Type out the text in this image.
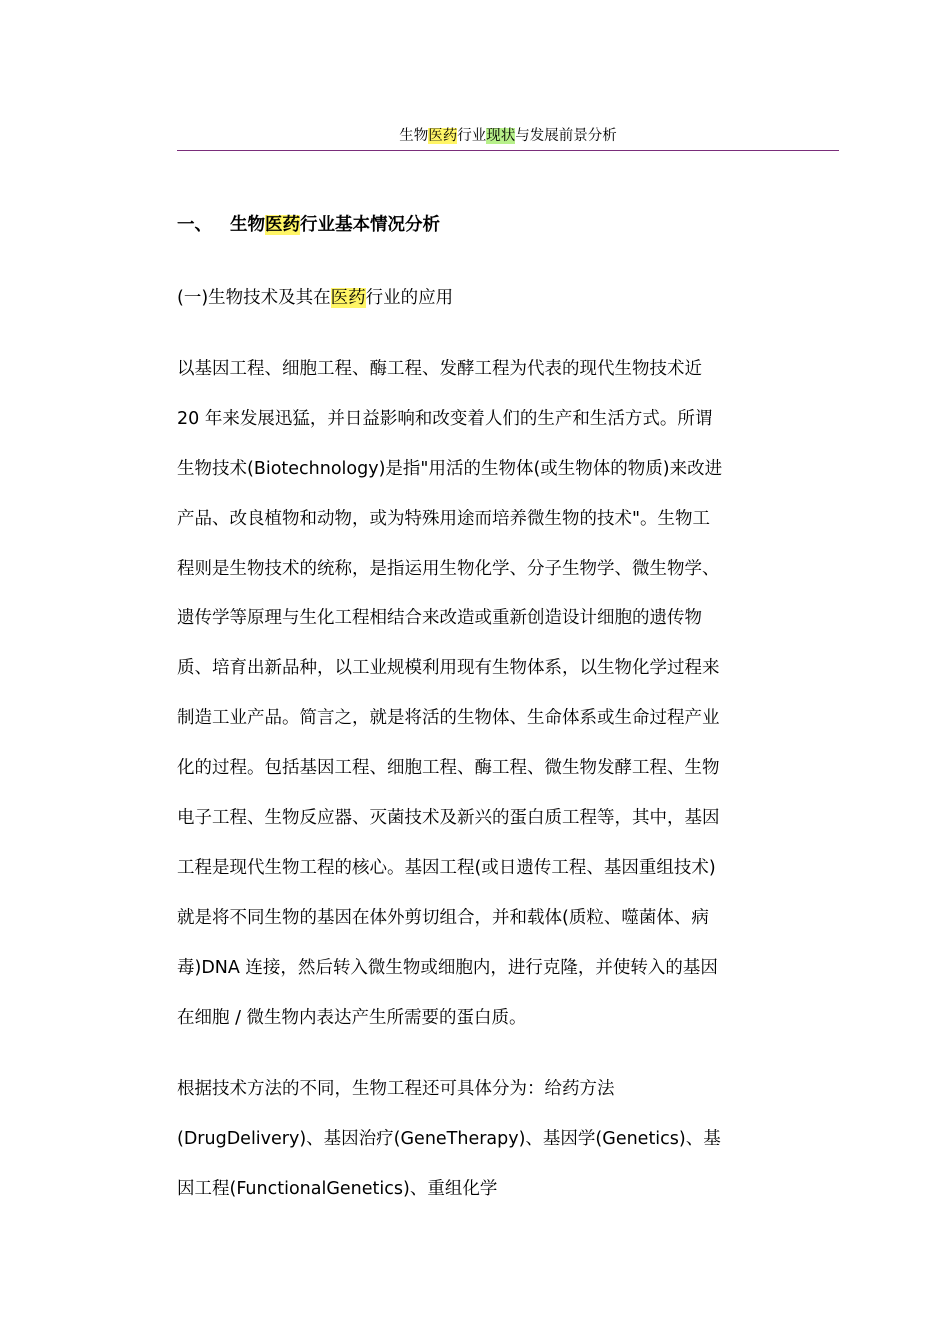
生物医药行业现状与发展前景分析
一、 生物医药行业基本情况分析
(一)生物技术及其在医药行业的应用
以基因工程、细胞工程、酶工程、发酵工程为代表的现代生物技术近
20 年来发展迅猛，并日益影响和改变着人们的生产和生活方式。所谓
生物技术(Biotechnology)是指"用活的生物体(或生物体的物质)来改进
产品、改良植物和动物，或为特殊用途而培养微生物的技术"。生物工
程则是生物技术的统称，是指运用生物化学、分子生物学、微生物学、
遗传学等原理与生化工程相结合来改造或重新创造设计细胞的遗传物
质、培育出新品种，以工业规模利用现有生物体系，以生物化学过程来
制造工业产品。简言之，就是将活的生物体、生命体系或生命过程产业
化的过程。包括基因工程、细胞工程、酶工程、微生物发酵工程、生物
电子工程、生物反应器、灭菌技术及新兴的蛋白质工程等，其中，基因
工程是现代生物工程的核心。基因工程(或日遗传工程、基因重组技术)
就是将不同生物的基因在体外剪切组合，并和载体(质粒、噬菌体、病
毒)DNA 连接，然后转入微生物或细胞内，进行克隆，并使转入的基因
在细胞 / 微生物内表达产生所需要的蛋白质。
根据技术方法的不同，生物工程还可具体分为：给药方法
(DrugDelivery)、基因治疗(GeneTherapy)、基因学(Genetics)、基
因工程(FunctionalGenetics)、重组化学
